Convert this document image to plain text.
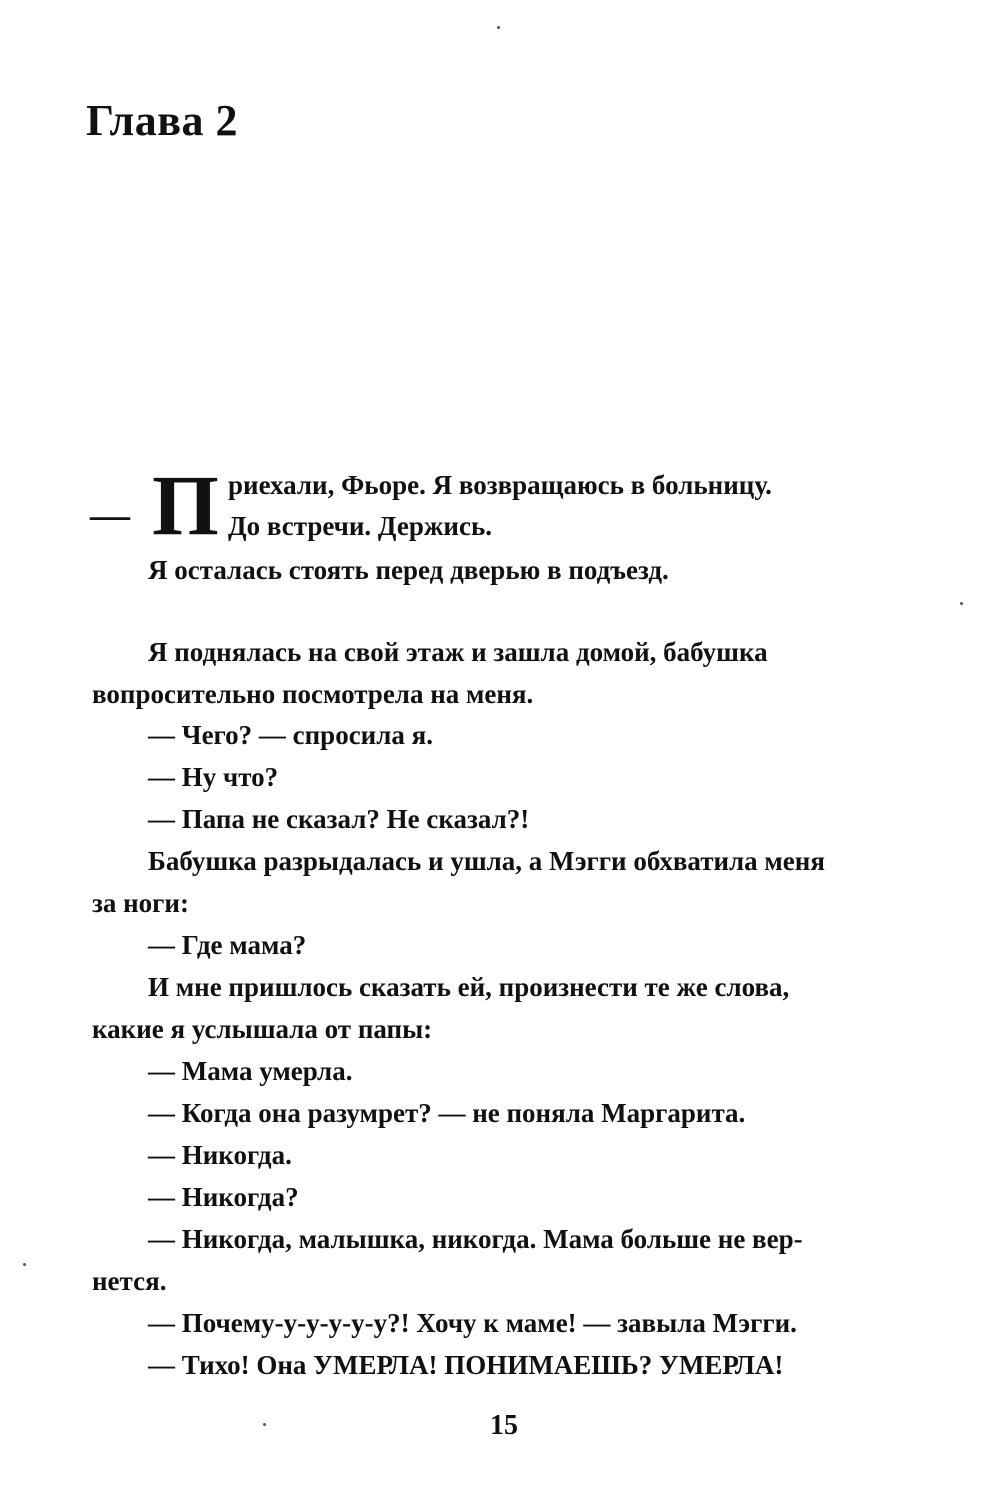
Глава 2
— П риехали, Фьоре. Я возвращаюсь в больницу.
До встречи. Держись.
Я осталась стоять перед дверью в подъезд.
Я поднялась на свой этаж и зашла домой, бабушка
вопросительно посмотрела на меня.
— Чего? — спросила я.
— Ну что?
— Папа не сказал? Не сказал?!
Бабушка разрыдалась и ушла, а Мэгги обхватила меня
за ноги:
— Где мама?
И мне пришлось сказать ей, произнести те же слова,
какие я услышала от папы:
— Мама умерла.
— Когда она разумрет? — не поняла Маргарита.
— Никогда.
— Никогда?
— Никогда, малышка, никогда. Мама больше не вер-
нется.
— Почему-у-у-у-у-у?! Хочу к маме! — завыла Мэгги.
— Тихо! Она УМЕРЛА! ПОНИМАЕШЬ? УМЕРЛА!
15
